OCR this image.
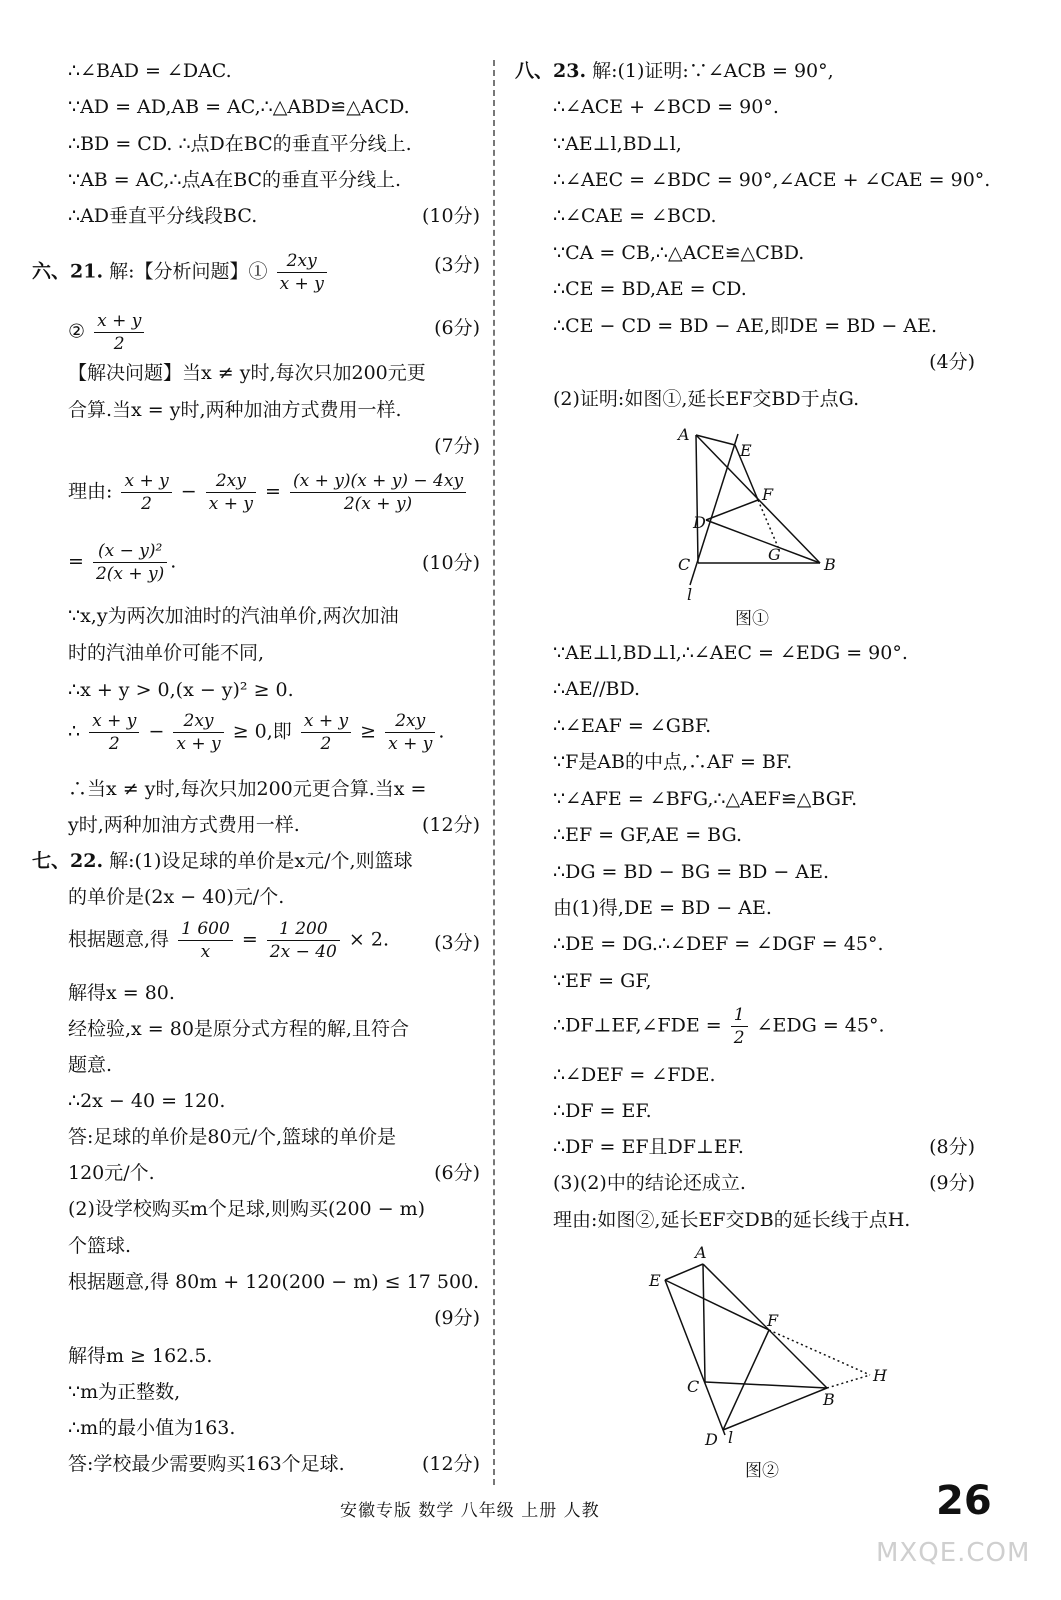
∴∠BAD = ∠DAC.
∵AD = AD,AB = AC,∴△ABD≌△ACD.
∴BD = CD. ∴点D在BC的垂直平分线上.
∵AB = AC,∴点A在BC的垂直平分线上.
∴AD垂直平分线段BC.	(10分)
六、21. 解:【分析问题】① $\frac{2xy}{x + y}$	(3分)
② $\frac{x + y}{2}$	(6分)
【解决问题】当x ≠ y时,每次只加200元更
合算.当x = y时,两种加油方式费用一样.
(7分)
理由: $\frac{x + y}{2} - \frac{2xy}{x + y} = \frac{(x + y)(x + y) - 4xy}{2(x + y)}$
= $\frac{\text{(x − y)²}}{2(x + y)}$ .	(10分)
∵x,y为两次加油时的汽油单价,两次加油
时的汽油单价可能不同,
∴x + y > 0,(x − y)² ≥ 0.
∴ $\frac{x + y}{2} - \frac{2xy}{x + y} \ge 0$,即 $\frac{x + y}{2} \ge \frac{2xy}{x + y}$ .
∴当x ≠ y时,每次只加200元更合算.当x =
y时,两种加油方式费用一样.	(12分)
七、22. 解:(1)设足球的单价是x元/个,则篮球
的单价是(2x − 40)元/个.
根据题意,得 $\frac{1 600}{x} = \frac{1 200}{2x - 40} \times 2$. (3分)
解得x = 80.
经检验,x = 80是原分式方程的解,且符合
题意.
∴2x − 40 = 120.
答:足球的单价是80元/个,篮球的单价是
120元/个.	(6分)
(2)设学校购买m个足球,则购买(200 − m)
个篮球.
根据题意,得 80m + 120(200 − m) ≤ 17 500.
(9分)
解得m ≥ 162.5.
∵m为正整数,
∴m的最小值为163.
答:学校最少需要购买163个足球.	(12分)
八、23. 解:(1)证明:∵∠ACB = 90°,
∴∠ACE + ∠BCD = 90°.
∵AE⊥l,BD⊥l,
∴∠AEC = ∠BDC = 90°,∠ACE + ∠CAE = 90°.
∴∠CAE = ∠BCD.
∵CA = CB,∴△ACE≌△CBD.
∴CE = BD,AE = CD.
∴CE − CD = BD − AE,即DE = BD − AE.
(4分)
(2)证明:如图①,延长EF交BD于点G.
A
E
F
D
C
G
B
l
图①
∵AE⊥l,BD⊥l,∴∠AEC = ∠EDG = 90°.
∴AE//BD.
∴∠EAF = ∠GBF.
∵F是AB的中点,∴AF = BF.
∵∠AFE = ∠BFG,∴△AEF≌△BGF.
∴EF = GF,AE = BG.
∴DG = BD − BG = BD − AE.
由(1)得,DE = BD − AE.
∴DE = DG.∴∠DEF = ∠DGF = 45°.
∵EF = GF,
∴DF⊥EF,∠FDE = $\frac{1}{2}$ ∠EDG = 45°.
∴∠DEF = ∠FDE.
∴DF = EF.
∴DF = EF且DF⊥EF.	(8分)
(3)(2)中的结论还成立.	(9分)
理由:如图②,延长EF交DB的延长线于点H.
A
E
F
H
C
B
D l
图②
安徽专版 数学 八年级 上册 人教	26
MXQE.COM
